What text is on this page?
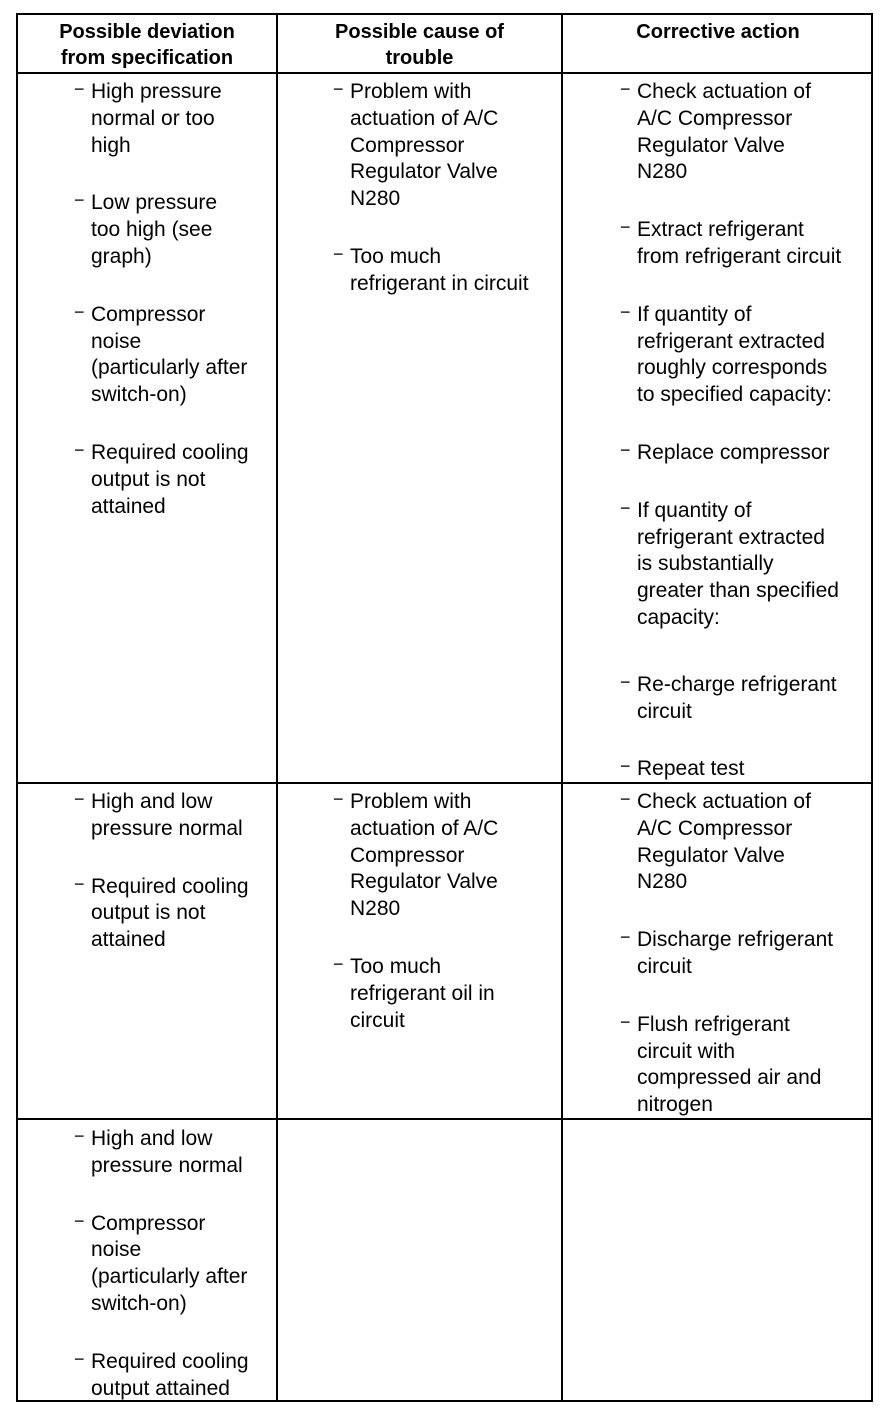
Possible deviation
from specification
Possible cause of
trouble
Corrective action
− High pressure
normal or too
high
− Low pressure
too high (see
graph)
− Compressor
noise
(particularly after
switch-on)
− Required cooling
output is not
attained
− Problem with
actuation of A/C
Compressor
Regulator Valve
N280
− Too much
refrigerant in circuit
− Check actuation of
A/C Compressor
Regulator Valve
N280
− Extract refrigerant
from refrigerant circuit
− If quantity of
refrigerant extracted
roughly corresponds
to specified capacity:
− Replace compressor
− If quantity of
refrigerant extracted
is substantially
greater than specified
capacity:
− Re-charge refrigerant
circuit
− Repeat test
− High and low
pressure normal
− Required cooling
output is not
attained
− Problem with
actuation of A/C
Compressor
Regulator Valve
N280
− Too much
refrigerant oil in
circuit
− Check actuation of
A/C Compressor
Regulator Valve
N280
− Discharge refrigerant
circuit
− Flush refrigerant
circuit with
compressed air and
nitrogen
− High and low
pressure normal
− Compressor
noise
(particularly after
switch-on)
− Required cooling
output attained
